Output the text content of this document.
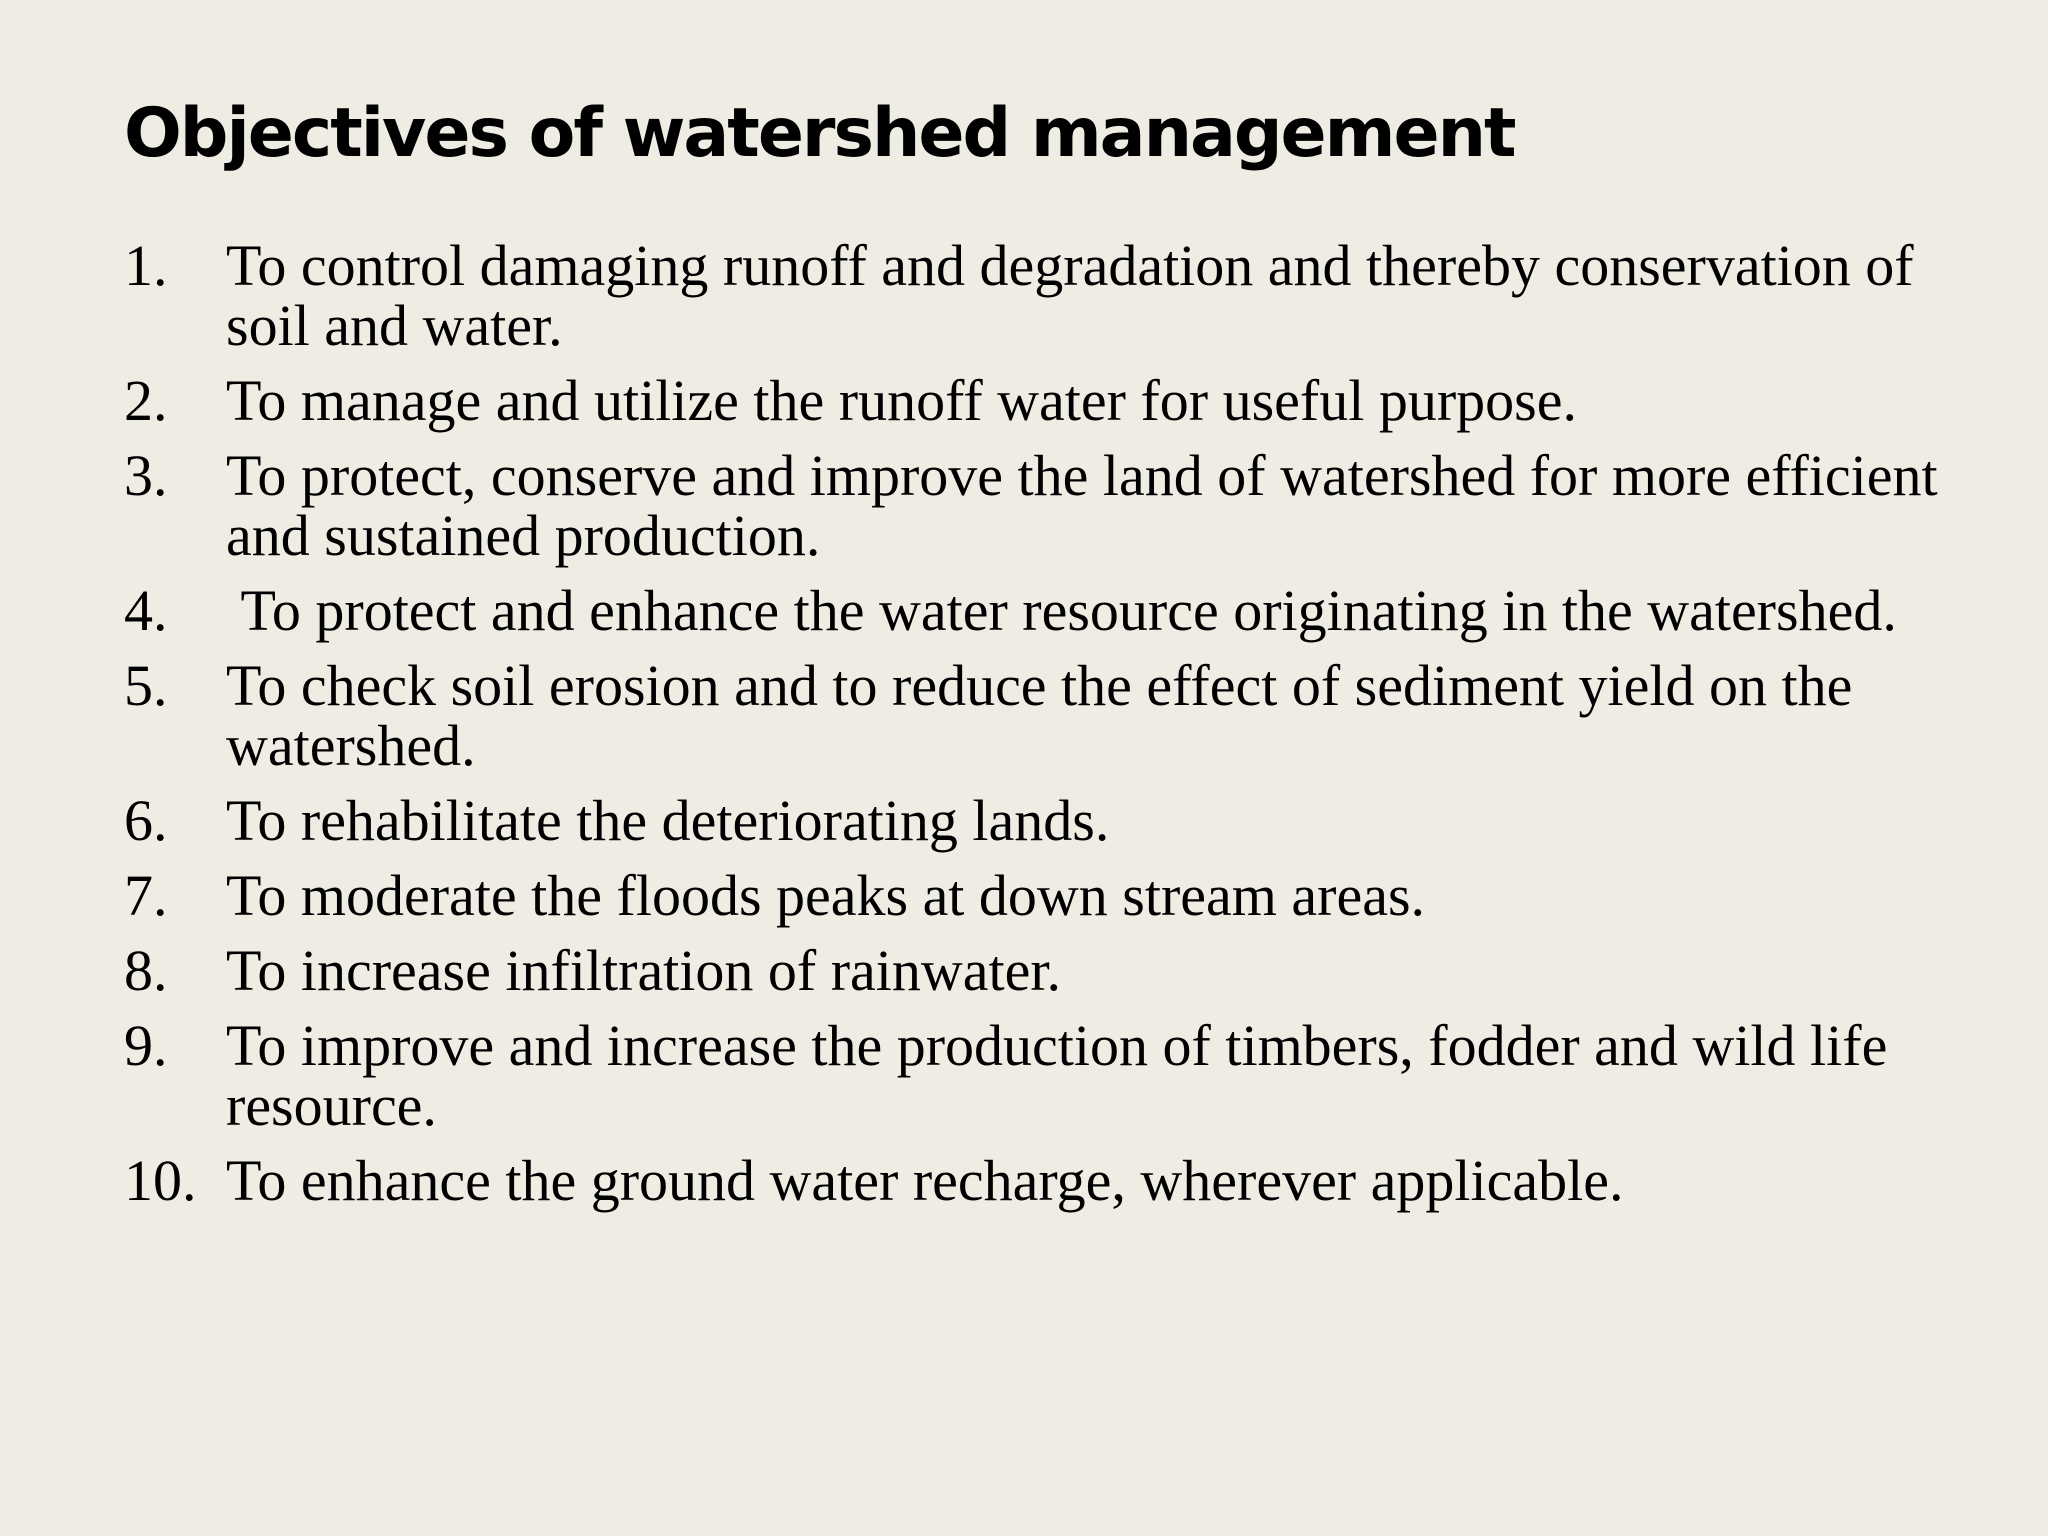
Objectives of watershed management
1.	To control damaging runoff and degradation and thereby conservation of soil and water.
2.	To manage and utilize the runoff water for useful purpose.
3.	To protect, conserve and improve the land of watershed for more efficient and sustained production.
4.	To protect and enhance the water resource originating in the watershed.
5.	To check soil erosion and to reduce the effect of sediment yield on the watershed.
6.	To rehabilitate the deteriorating lands.
7.	To moderate the floods peaks at down stream areas.
8.	To increase infiltration of rainwater.
9.	To improve and increase the production of timbers, fodder and wild life resource.
10. To enhance the ground water recharge, wherever applicable.
